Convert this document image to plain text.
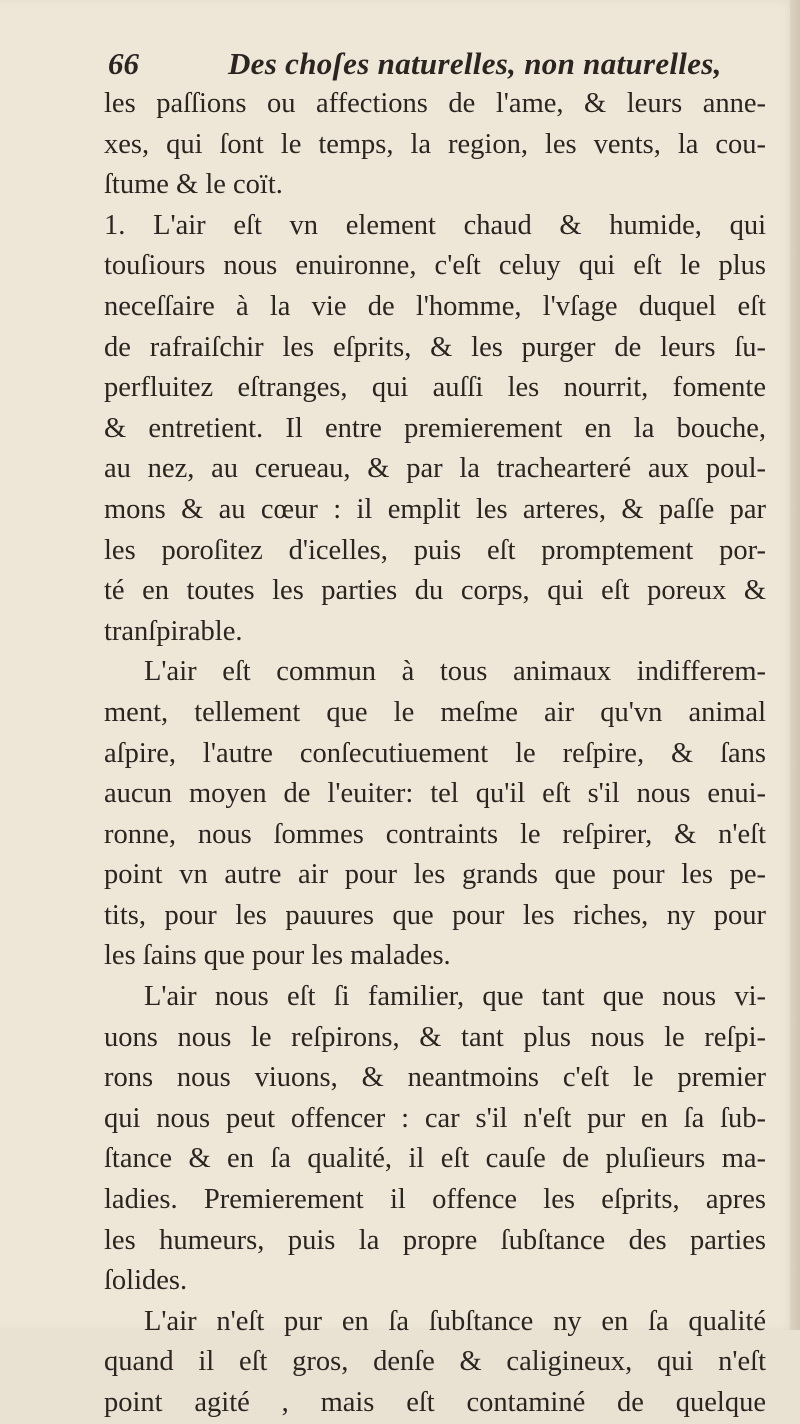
66	Des choſes naturelles, non naturelles,
les paſſions ou affections de l'ame, & leurs anne-
xes, qui ſont le temps, la region, les vents, la cou-
ſtume & le coït.
1. L'air eſt vn element chaud & humide, qui
touſiours nous enuironne, c'eſt celuy qui eſt le plus
neceſſaire à la vie de l'homme, l'vſage duquel eſt
de rafraiſchir les eſprits, & les purger de leurs ſu-
perfluitez eſtranges, qui auſſi les nourrit, fomente
& entretient. Il entre premierement en la bouche,
au nez, au cerueau, & par la trachearteré aux poul-
mons & au cœur : il emplit les arteres, & paſſe par
les poroſitez d'icelles, puis eſt promptement por-
té en toutes les parties du corps, qui eſt poreux &
tranſpirable.
L'air eſt commun à tous animaux indifferem-
ment, tellement que le meſme air qu'vn animal
aſpire, l'autre conſecutiuement le reſpire, & ſans
aucun moyen de l'euiter: tel qu'il eſt s'il nous enui-
ronne, nous ſommes contraints le reſpirer, & n'eſt
point vn autre air pour les grands que pour les pe-
tits, pour les pauures que pour les riches, ny pour
les ſains que pour les malades.
L'air nous eſt ſi familier, que tant que nous vi-
uons nous le reſpirons, & tant plus nous le reſpi-
rons nous viuons, & neantmoins c'eſt le premier
qui nous peut offencer : car s'il n'eſt pur en ſa ſub-
ſtance & en ſa qualité, il eſt cauſe de pluſieurs ma-
ladies. Premierement il offence les eſprits, apres
les humeurs, puis la propre ſubſtance des parties
ſolides.
L'air n'eſt pur en ſa ſubſtance ny en ſa qualité
quand il eſt gros, denſe & caligineux, qui n'eſt
point agité , mais eſt contaminé de quelque
